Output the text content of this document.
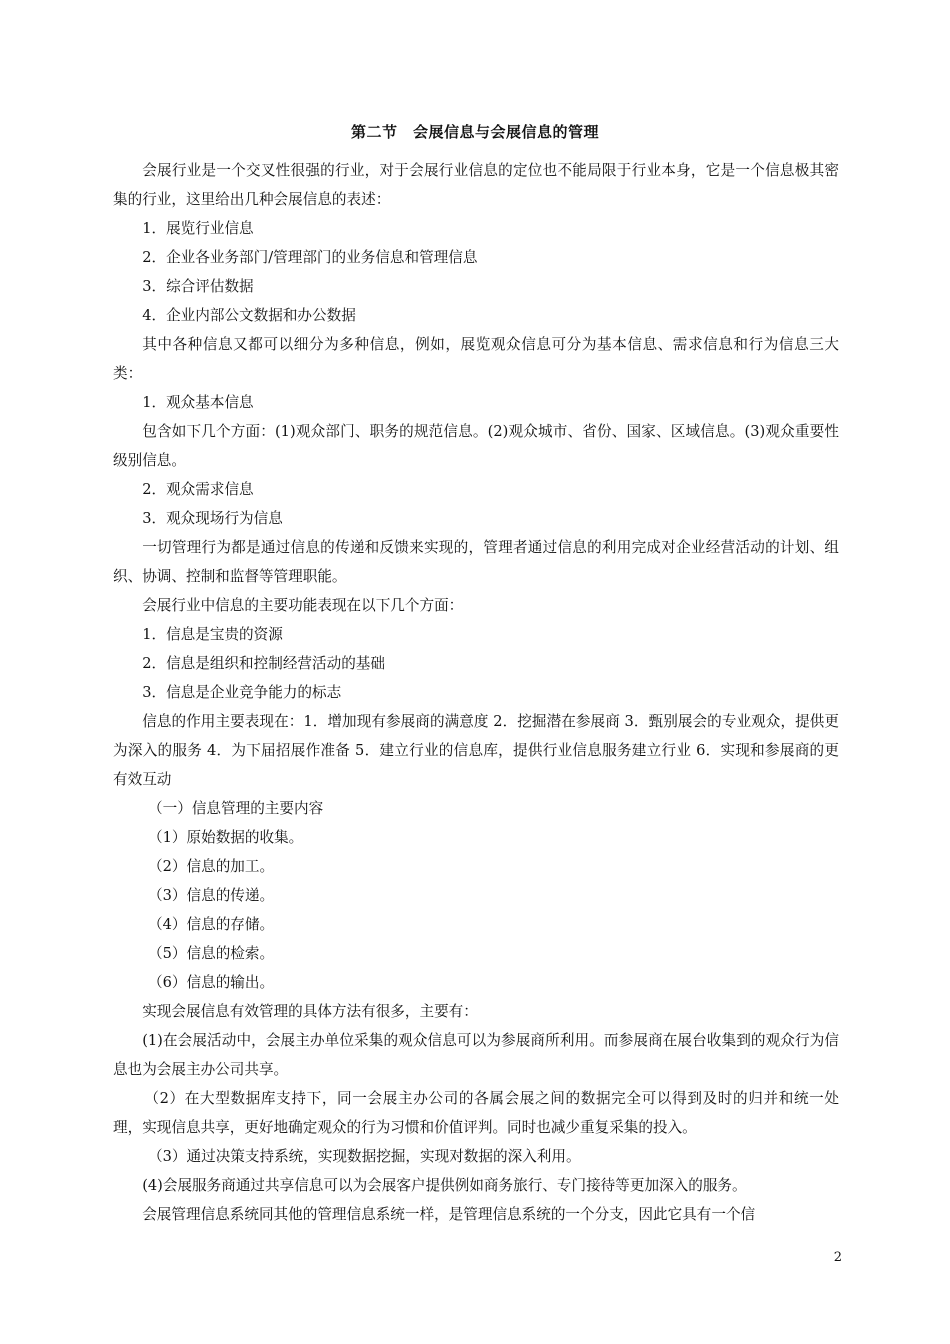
第二节　会展信息与会展信息的管理

会展行业是一个交叉性很强的行业，对于会展行业信息的定位也不能局限于行业本身，它是一个信息极其密集的行业，这里给出几种会展信息的表述：

1．展览行业信息

2．企业各业务部门/管理部门的业务信息和管理信息

3．综合评估数据

4．企业内部公文数据和办公数据

其中各种信息又都可以细分为多种信息，例如，展览观众信息可分为基本信息、需求信息和行为信息三大类：

1．观众基本信息

包含如下几个方面：(1)观众部门、职务的规范信息。(2)观众城市、省份、国家、区域信息。(3)观众重要性级别信息。

2．观众需求信息

3．观众现场行为信息

一切管理行为都是通过信息的传递和反馈来实现的，管理者通过信息的利用完成对企业经营活动的计划、组织、协调、控制和监督等管理职能。

会展行业中信息的主要功能表现在以下几个方面：

1．信息是宝贵的资源

2．信息是组织和控制经营活动的基础

3．信息是企业竞争能力的标志

信息的作用主要表现在：1．增加现有参展商的满意度 2．挖掘潜在参展商 3．甄别展会的专业观众，提供更为深入的服务 4．为下届招展作准备 5．建立行业的信息库，提供行业信息服务建立行业 6．实现和参展商的更有效互动

（一）信息管理的主要内容

（1）原始数据的收集。

（2）信息的加工。

（3）信息的传递。

（4）信息的存储。

（5）信息的检索。

（6）信息的输出。

实现会展信息有效管理的具体方法有很多，主要有：

(1)在会展活动中，会展主办单位采集的观众信息可以为参展商所利用。而参展商在展台收集到的观众行为信息也为会展主办公司共享。

（2）在大型数据库支持下，同一会展主办公司的各属会展之间的数据完全可以得到及时的归并和统一处理，实现信息共享，更好地确定观众的行为习惯和价值评判。同时也减少重复采集的投入。

（3）通过决策支持系统，实现数据挖掘，实现对数据的深入利用。

(4)会展服务商通过共享信息可以为会展客户提供例如商务旅行、专门接待等更加深入的服务。

会展管理信息系统同其他的管理信息系统一样，是管理信息系统的一个分支，因此它具有一个信

2
